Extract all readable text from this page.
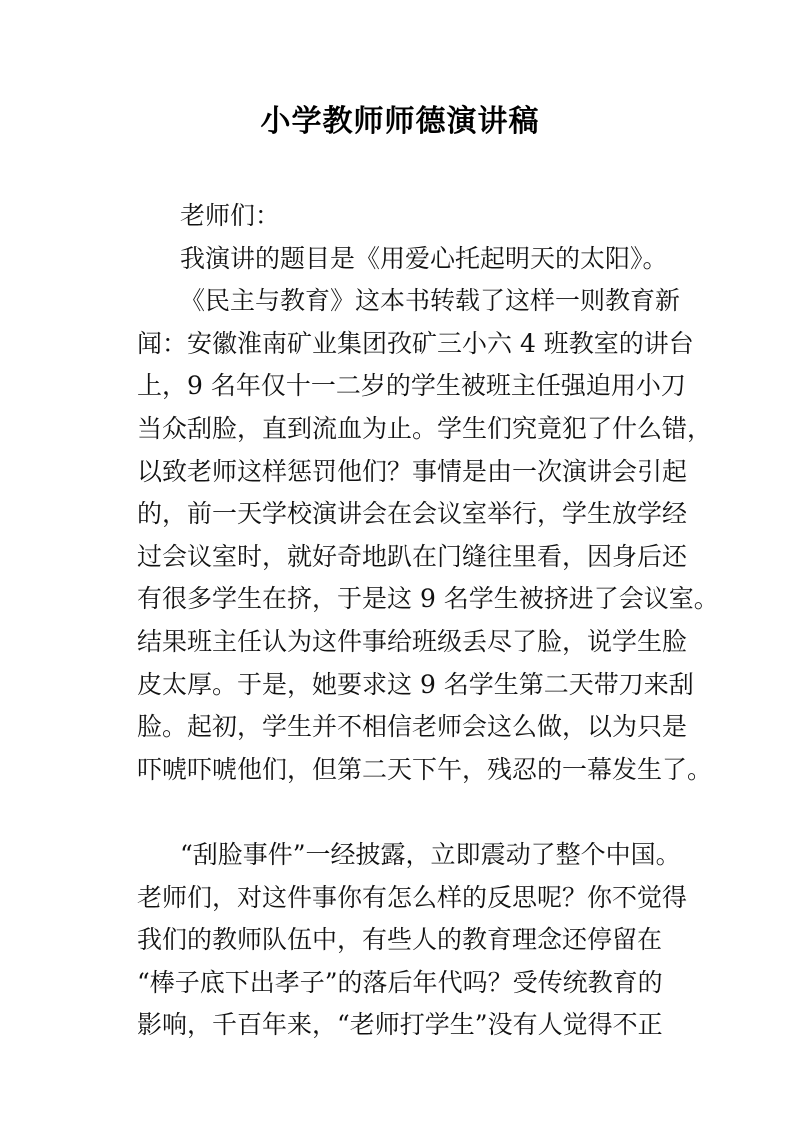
小学教师师德演讲稿
老师们：
我演讲的题目是《用爱心托起明天的太阳》。
《民主与教育》这本书转载了这样一则教育新
闻：安徽淮南矿业集团孜矿三小六 4 班教室的讲台
上，9 名年仅十一二岁的学生被班主任强迫用小刀
当众刮脸，直到流血为止。学生们究竟犯了什么错，
以致老师这样惩罚他们？事情是由一次演讲会引起
的，前一天学校演讲会在会议室举行，学生放学经
过会议室时，就好奇地趴在门缝往里看，因身后还
有很多学生在挤，于是这 9 名学生被挤进了会议室。
结果班主任认为这件事给班级丢尽了脸，说学生脸
皮太厚。于是，她要求这 9 名学生第二天带刀来刮
脸。起初，学生并不相信老师会这么做，以为只是
吓唬吓唬他们，但第二天下午，残忍的一幕发生了。
“刮脸事件”一经披露，立即震动了整个中国。
老师们，对这件事你有怎么样的反思呢？你不觉得
我们的教师队伍中，有些人的教育理念还停留在
“棒子底下出孝子”的落后年代吗？受传统教育的
影响，千百年来，“老师打学生”没有人觉得不正
